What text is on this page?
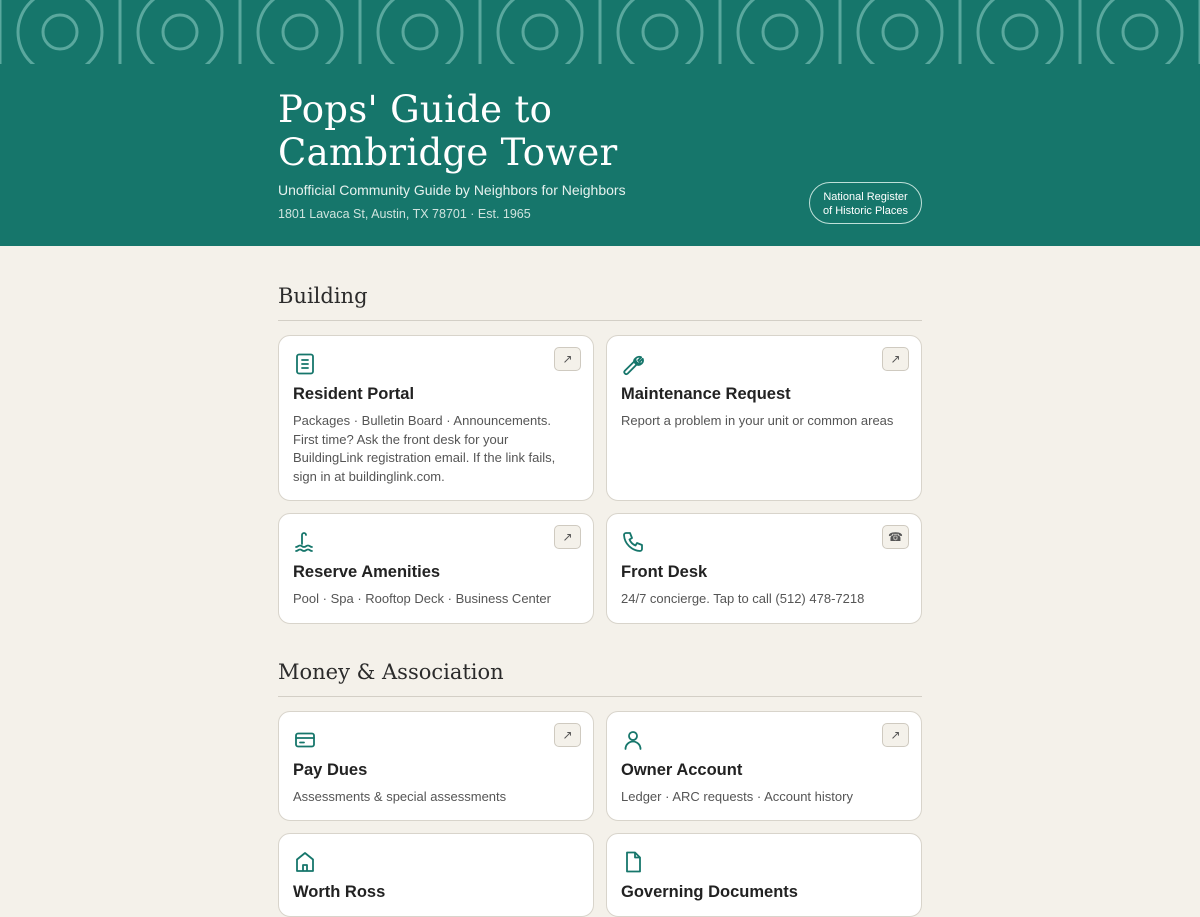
Pops' Guide to
Cambridge Tower
Unofficial Community Guide by Neighbors for Neighbors
1801 Lavaca St, Austin, TX 78701 · Est. 1965
National Register
of Historic Places
Building
Resident Portal

Packages · Bulletin Board · Announcements. First time? Ask the front desk for your BuildingLink registration email. If the link fails, sign in at buildinglink.com.

↗
Maintenance Request

Report a problem in your unit or common areas

↗
Reserve Amenities

Pool · Spa · Rooftop Deck · Business Center

↗
Front Desk

24/7 concierge. Tap to call (512) 478-7218

☎
Money & Association
Pay Dues

Assessments & special assessments

↗
Owner Account

Ledger · ARC requests · Account history

↗
Worth Ross	Governing Documents
